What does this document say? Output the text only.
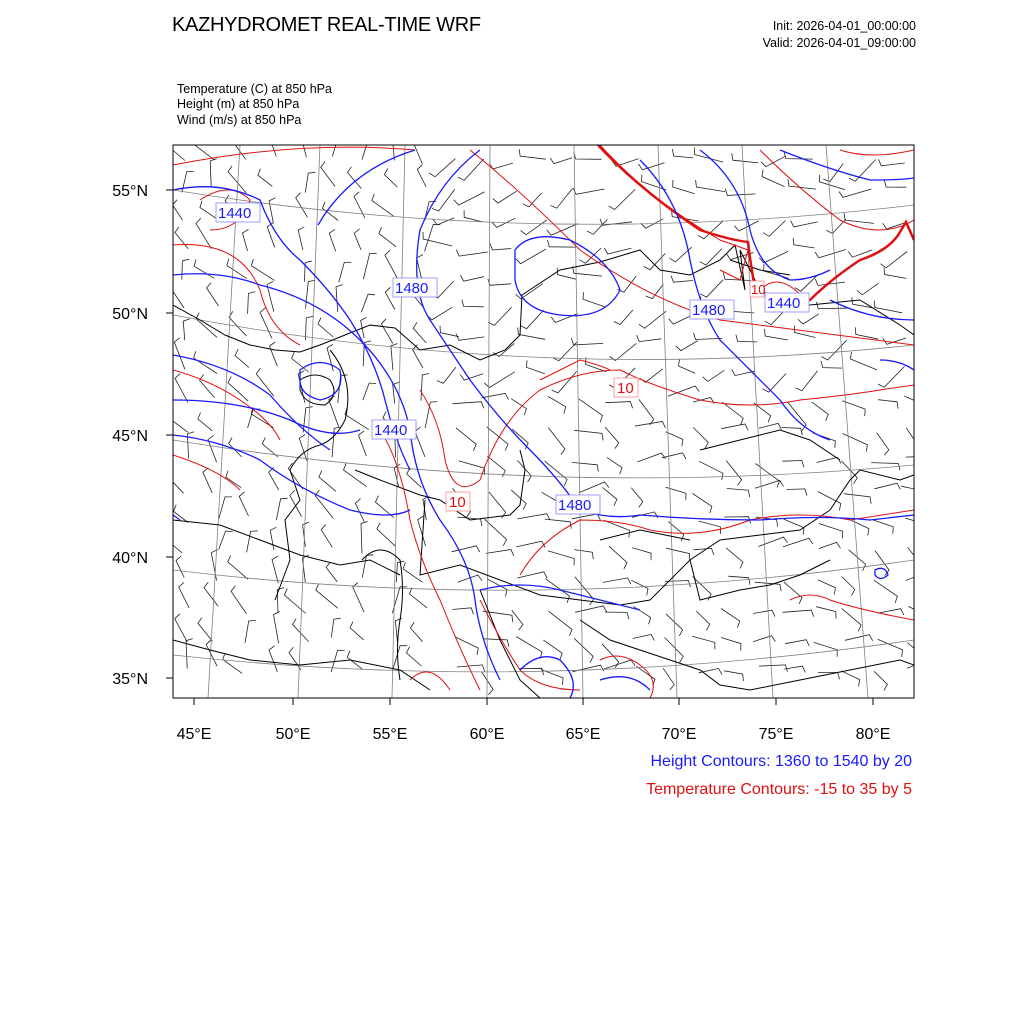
KAZHYDROMET REAL-TIME WRF	Init: 2026-04-01_00:00:00
Valid: 2026-04-01_09:00:00
Temperature (C) at 850 hPa
Height (m) at 850 hPa
Wind (m/s) at 850 hPa
1440
1480
1480	1440
1440
1480
10
10
10
55°N
50°N
45°N
40°N
35°N
45°E	50°E	55°E	60°E	65°E	70°E	75°E	80°E
Height Contours: 1360 to 1540 by 20
Temperature Contours: -15 to 35 by 5
